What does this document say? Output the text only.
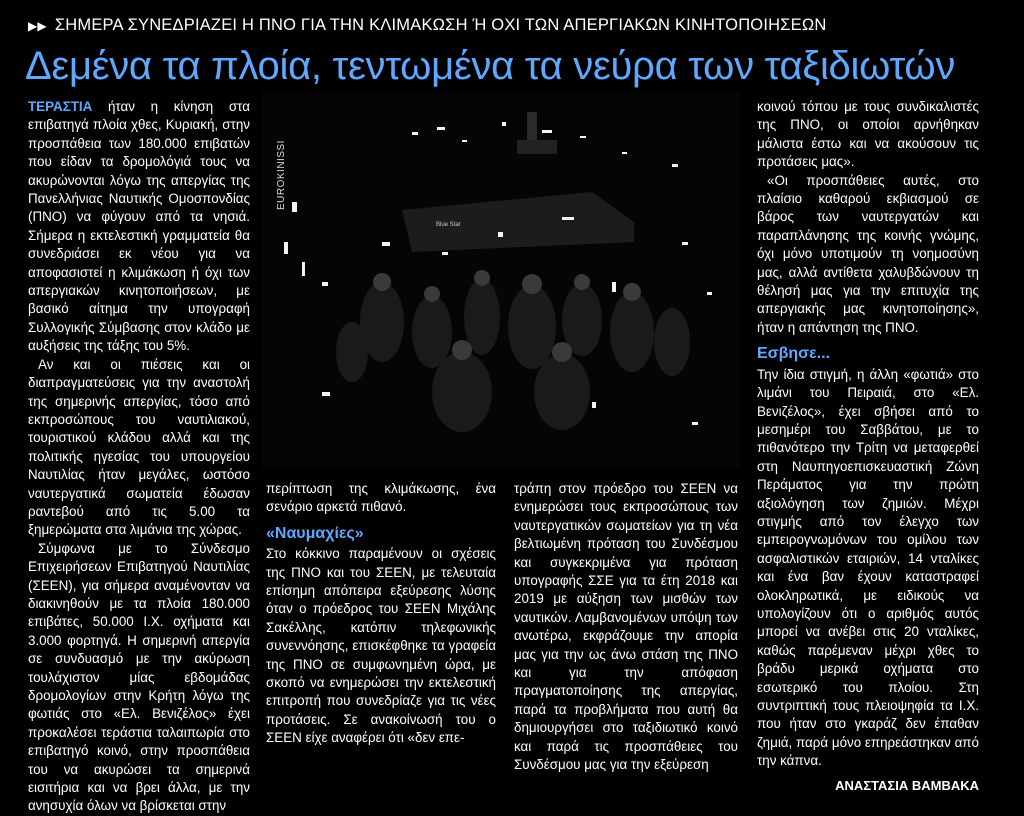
▶▶ ΣΗΜΕΡΑ ΣΥΝΕΔΡΙΑΖΕΙ Η ΠΝΟ ΓΙΑ ΤΗΝ ΚΛΙΜΑΚΩΣΗ Ή ΟΧΙ ΤΩΝ ΑΠΕΡΓΙΑΚΩΝ ΚΙΝΗΤΟΠΟΙΗΣΕΩΝ
Δεμένα τα πλοία, τεντωμένα τα νεύρα των ταξιδιωτών

ΤΕΡΑΣΤΙΑ ήταν η κίνηση στα επιβατηγά πλοία χθες, Κυριακή, στην προσπάθεια των 180.000 επιβατών που είδαν τα δρομολόγιά τους να ακυρώνονται λόγω της απεργίας της Πανελλήνιας Ναυτικής Ομοσπονδίας (ΠΝΟ) να φύγουν από τα νησιά. Σήμερα η εκτελεστική γραμματεία θα συνεδριάσει εκ νέου για να αποφασιστεί η κλιμάκωση ή όχι των απεργιακών κινητοποιήσεων, με βασικό αίτημα την υπογραφή Συλλογικής Σύμβασης στον κλάδο με αυξήσεις της τάξης του 5%.

Αν και οι πιέσεις και οι διαπραγματεύσεις για την αναστολή της σημερινής απεργίας, τόσο από εκπροσώπους του ναυτιλιακού, τουριστικού κλάδου αλλά και της πολιτικής ηγεσίας του υπουργείου Ναυτιλίας ήταν μεγάλες, ωστόσο ναυτεργατικά σωματεία έδωσαν ραντεβού από τις 5.00 τα ξημερώματα στα λιμάνια της χώρας.

Σύμφωνα με το Σύνδεσμο Επιχειρήσεων Επιβατηγού Ναυτιλίας (ΣΕΕΝ), για σήμερα αναμένονταν να διακινηθούν με τα πλοία 180.000 επιβάτες, 50.000 Ι.Χ. οχήματα και 3.000 φορτηγά. Η σημερινή απεργία σε συνδυασμό με την ακύρωση τουλάχιστον μίας εβδομάδας δρομολογίων στην Κρήτη λόγω της φωτιάς στο «Ελ. Βενιζέλος» έχει προκαλέσει τεράστια ταλαιπωρία στο επιβατηγό κοινό, στην προσπάθεια του να ακυρώσει τα σημερινά εισιτήρια και να βρει άλλα, με την ανησυχία όλων να βρίσκεται στην

EUROKINISSI
Blue Star

περίπτωση της κλιμάκωσης, ένα σενάριο αρκετά πιθανό.

«Ναυμαχίες»

Στο κόκκινο παραμένουν οι σχέσεις της ΠΝΟ και του ΣΕΕΝ, με τελευταία επίσημη απόπειρα εξεύρεσης λύσης όταν ο πρόεδρος του ΣΕΕΝ Μιχάλης Σακέλλης, κατόπιν τηλεφωνικής συνεννόησης, επισκέφθηκε τα γραφεία της ΠΝΟ σε συμφωνημένη ώρα, με σκοπό να ενημερώσει την εκτελεστική επιτροπή που συνεδρίαζε για τις νέες προτάσεις. Σε ανακοίνωσή του ο ΣΕΕΝ είχε αναφέρει ότι «δεν επε-

τράπη στον πρόεδρο του ΣΕΕΝ να ενημερώσει τους εκπροσώπους των ναυτεργατικών σωματείων για τη νέα βελτιωμένη πρόταση του Συνδέσμου και συγκεκριμένα για πρόταση υπογραφής ΣΣΕ για τα έτη 2018 και 2019 με αύξηση των μισθών των ναυτικών. Λαμβανομένων υπόψη των ανωτέρω, εκφράζουμε την απορία μας για την ως άνω στάση της ΠΝΟ και για την απόφαση πραγματοποίησης της απεργίας, παρά τα προβλήματα που αυτή θα δημιουργήσει στο ταξιδιωτικό κοινό και παρά τις προσπάθειες του Συνδέσμου μας για την εξεύρεση

κοινού τόπου με τους συνδικαλιστές της ΠΝΟ, οι οποίοι αρνήθηκαν μάλιστα έστω και να ακούσουν τις προτάσεις μας».

«Οι προσπάθειες αυτές, στο πλαίσιο καθαρού εκβιασμού σε βάρος των ναυτεργατών και παραπλάνησης της κοινής γνώμης, όχι μόνο υποτιμούν τη νοημοσύνη μας, αλλά αντίθετα χαλυβδώνουν τη θέλησή μας για την επιτυχία της απεργιακής μας κινητοποίησης», ήταν η απάντηση της ΠΝΟ.

Εσβησε...

Την ίδια στιγμή, η άλλη «φωτιά» στο λιμάνι του Πειραιά, στο «Ελ. Βενιζέλος», έχει σβήσει από το μεσημέρι του Σαββάτου, με το πιθανότερο την Τρίτη να μεταφερθεί στη Ναυπηγοεπισκευαστική Ζώνη Περάματος για την πρώτη αξιολόγηση των ζημιών. Μέχρι στιγμής από τον έλεγχο των εμπειρογνωμόνων του ομίλου των ασφαλιστικών εταιριών, 14 νταλίκες και ένα βαν έχουν καταστραφεί ολοκληρωτικά, με ειδικούς να υπολογίζουν ότι ο αριθμός αυτός μπορεί να ανέβει στις 20 νταλίκες, καθώς παρέμεναν μέχρι χθες το βράδυ μερικά οχήματα στο εσωτερικό του πλοίου. Στη συντριπτική τους πλειοψηφία τα Ι.Χ. που ήταν στο γκαράζ δεν έπαθαν ζημιά, παρά μόνο επηρεάστηκαν από την κάπνα.

ΑΝΑΣΤΑΣΙΑ ΒΑΜΒΑΚΑ
